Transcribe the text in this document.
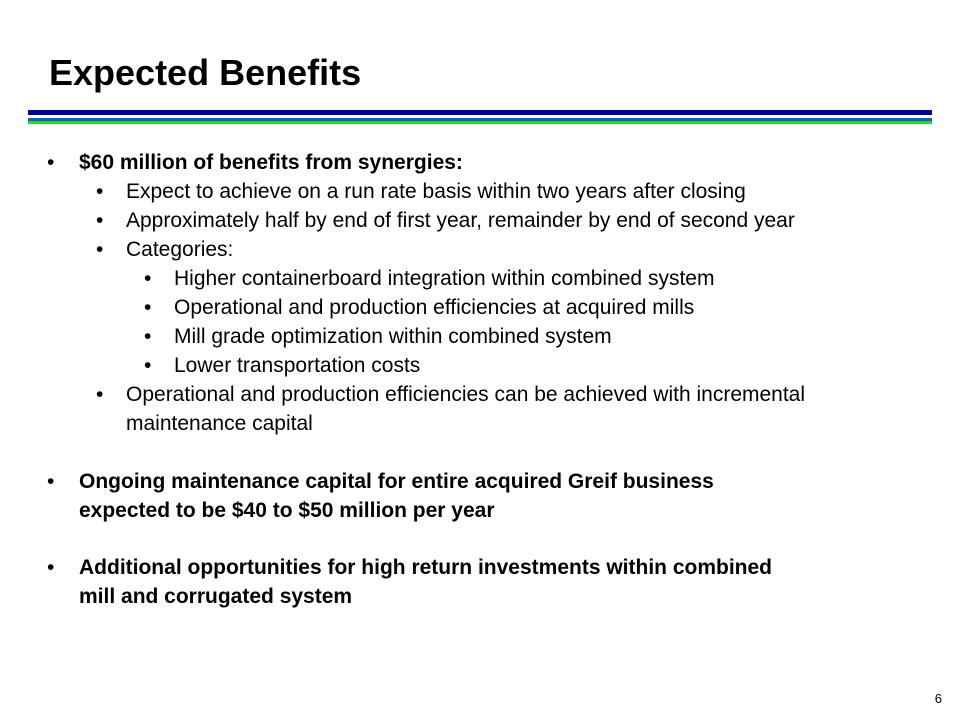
Expected Benefits
• $60 million of benefits from synergies:
• Expect to achieve on a run rate basis within two years after closing
• Approximately half by end of first year, remainder by end of second year
• Categories:
• Higher containerboard integration within combined system
• Operational and production efficiencies at acquired mills
• Mill grade optimization within combined system
• Lower transportation costs
• Operational and production efficiencies can be achieved with incremental
maintenance capital
• Ongoing maintenance capital for entire acquired Greif business
expected to be $40 to $50 million per year
• Additional opportunities for high return investments within combined
mill and corrugated system
6
